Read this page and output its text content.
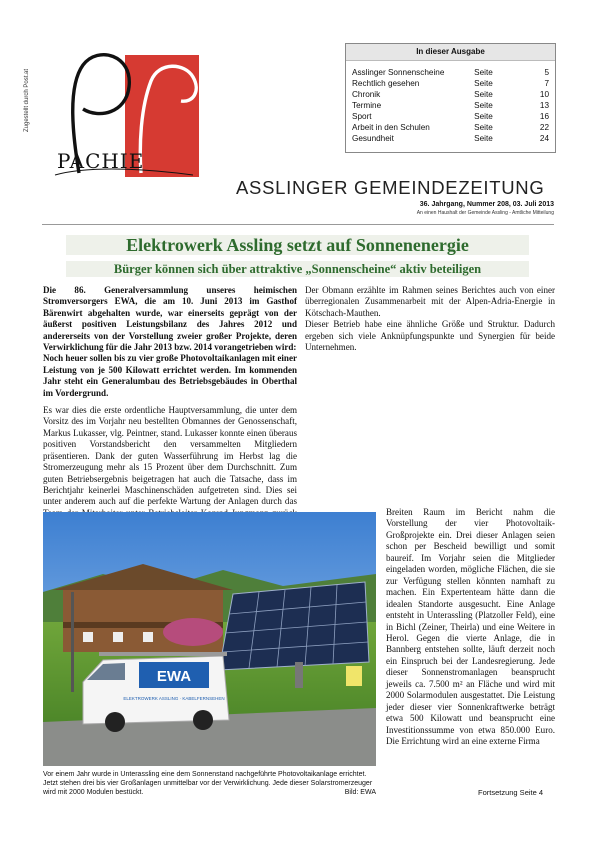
Zugestellt durch Post.at
PACHIE
In dieser Ausgabe
Asslinger Sonnenscheine	Seite	5
Rechtlich gesehen	Seite	7
Chronik	Seite	10
Termine	Seite	13
Sport	Seite	16
Arbeit in den Schulen	Seite	22
Gesundheit	Seite	24
ASSLINGER GEMEINDEZEITUNG
36. Jahrgang, Nummer 208, 03. Juli 2013
An einen Haushalt der Gemeinde Assling - Amtliche Mitteilung
Elektrowerk Assling setzt auf Sonnenenergie
Bürger können sich über attraktive „Sonnenscheine“ aktiv beteiligen

Die 86. Generalversammlung unseres heimischen Stromversorgers EWA, die am 10. Juni 2013 im Gasthof Bärenwirt abgehalten wurde, war einerseits geprägt von der äußerst positiven Leistungsbilanz des Jahres 2012 und andererseits von der Vorstellung zweier großer Projekte, deren Verwirklichung für die Jahr 2013 bzw. 2014 vorangetrieben wird:

Noch heuer sollen bis zu vier große Photovoltaikanlagen mit einer Leistung von je 500 Kilowatt errichtet werden. Im kommenden Jahr steht ein Generalumbau des Betriebsgebäudes in Oberthal im Vordergrund.

Es war dies die erste ordentliche Hauptversammlung, die unter dem Vorsitz des im Vorjahr neu bestellten Obmannes der Genossenschaft, Markus Lukasser, vlg. Peintner, stand. Lukasser konnte einen überaus positiven Vorstandsbericht den versammelten Mitgliedern präsentieren. Dank der guten Wasserführung im Herbst lag die Stromerzeugung mehr als 15 Prozent über dem Durchschnitt. Zum guten Betriebsergebnis beigetragen hat auch die Tatsache, dass im Berichtjahr keinerlei Maschinenschäden aufgetreten sind. Dies sei unter anderem auch auf die perfekte Wartung der Anlagen durch das

Der Obmann erzählte im Rahmen seines Berichtes auch von einer überregionalen Zusammenarbeit mit der Alpen-Adria-Energie in Kötschach-Mauthen.

Dieser Betrieb habe eine ähnliche Größe und Struktur. Dadurch ergeben sich viele Anknüpfungspunkte und Synergien für beide Unternehmen.

EWA
ELEKTROWERK ASSLING · KABELFERNSEHEN
Vor einem Jahr wurde in Unterassling eine dem Sonnenstand nachgeführte Photovoltaikanlage errichtet. Jetzt stehen drei bis vier Großanlagen unmittelbar vor der Verwirklichung. Jede dieser Solarstromerzeuger wird mit 2000 Modulen bestückt.	Bild: EWA

Breiten Raum im Bericht nahm die Vorstellung der vier Photovoltaik-Großprojekte ein. Drei dieser Anlagen seien schon per Bescheid bewilligt und somit baureif. Im Vorjahr seien die Mitglieder eingeladen worden, mögliche Flächen, die sie zur Verfügung stellen könnten namhaft zu machen. Ein Expertenteam hätte dann die idealen Standorte ausgesucht. Eine Anlage entsteht in Unterassling (Platzoller Feld), eine in Bichl (Zeiner, Theirla) und eine Weitere in Herol. Gegen die vierte Anlage, die in Bannberg entstehen sollte, läuft derzeit noch ein Einspruch bei der Landesregierung. Jede dieser Sonnenstromanlagen beansprucht jeweils ca. 7.500 m² an Fläche und wird mit 2000 Solarmodulen ausgestattet. Die Leistung jeder dieser vier Sonnenkraftwerke beträgt etwa 500 Kilowatt und beansprucht eine Investitionssumme von etwa 850.000 Euro. Die Errichtung wird an eine externe Firma

Fortsetzung Seite 4
